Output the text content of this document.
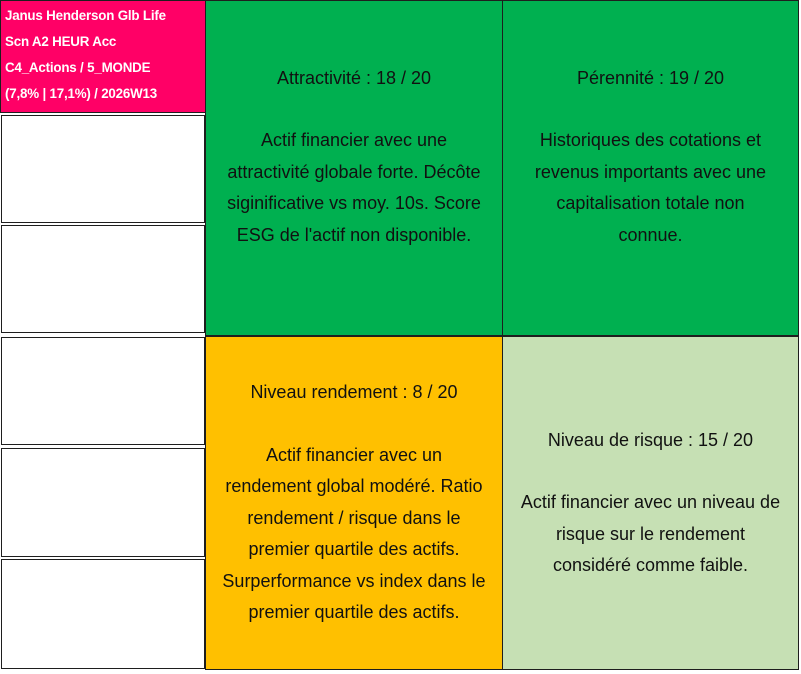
Janus Henderson Glb Life
Scn A2 HEUR Acc
C4_Actions / 5_MONDE
(7,8% | 17,1%) / 2026W13
Attractivité : 18 / 20
Actif financier avec une
attractivité globale forte. Décôte
siginificative vs moy. 10s. Score
ESG de l'actif non disponible.
Pérennité : 19 / 20
Historiques des cotations et
revenus importants avec une
capitalisation totale non
connue.
Niveau rendement : 8 / 20
Actif financier avec un
rendement global modéré. Ratio
rendement / risque dans le
premier quartile des actifs.
Surperformance vs index dans le
premier quartile des actifs.
Niveau de risque : 15 / 20
Actif financier avec un niveau de
risque sur le rendement
considéré comme faible.
